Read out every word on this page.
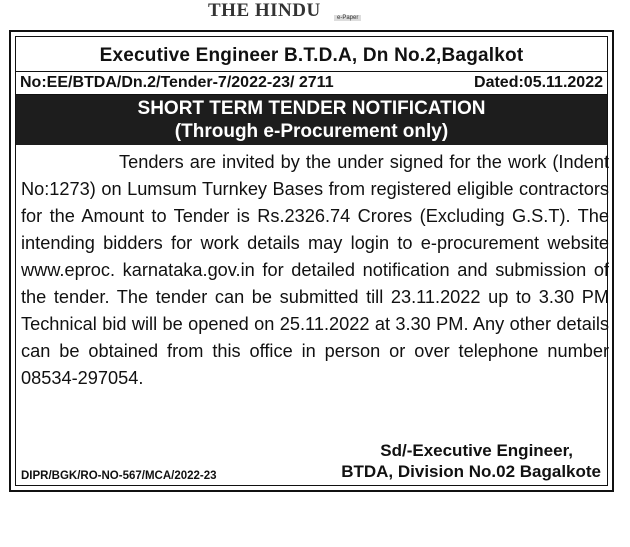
THE HINDU	e-Paper
Executive Engineer B.T.D.A, Dn No.2,Bagalkot
No:EE/BTDA/Dn.2/Tender-7/2022-23/ 2711	Dated:05.11.2022
SHORT TERM TENDER NOTIFICATION
(Through e-Procurement only)
Tenders are invited by the under signed for the work (Indent No:1273) on Lumsum Turnkey Bases from registered eligible contractors for the Amount to Tender is Rs.2326.74 Crores (Excluding G.S.T). The intending bidders for work details may login to e-procurement website www.eproc. karnataka.gov.in for detailed notification and submission of the tender. The tender can be submitted till 23.11.2022 up to 3.30 PM Technical bid will be opened on 25.11.2022 at 3.30 PM. Any other details can be obtained from this office in person or over telephone number 08534-297054.
Sd/-Executive Engineer,
BTDA, Division No.02 Bagalkote
DIPR/BGK/RO-NO-567/MCA/2022-23
